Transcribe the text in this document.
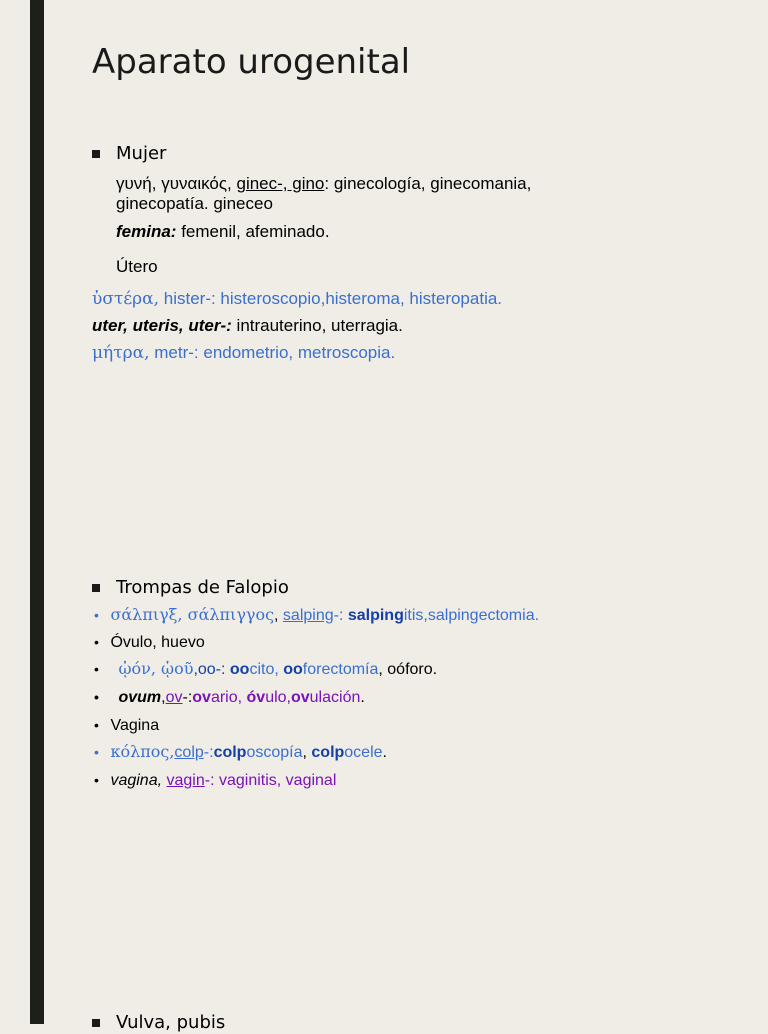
Aparato urogenital
Mujer
γυνή, γυναικός, ginec-, gino: ginecología, ginecomania,
ginecopatía. gineceo
femina: femenil, afeminado.
Útero
ὑστέρα, hister-: histeroscopio,histeroma, histeropatia.
uter, uteris, uter-: intrauterino, uterragia.
μήτρα, metr-: endometrio, metroscopia.
Trompas de Falopio
• σάλπιγξ, σάλπιγγος, salping-: salpingitis,salpingectomia.
• Óvulo, huevo
• ᾠόν, ᾠοῦ,oo-: oocito, ooforectomía, oóforo.
• ovum,ov-:ovario, óvulo,ovulación.
• Vagina
• κόλπος,colp-:colposcopía, colpocele.
• vagina, vagin-: vaginitis, vaginal
Vulva, pubis
